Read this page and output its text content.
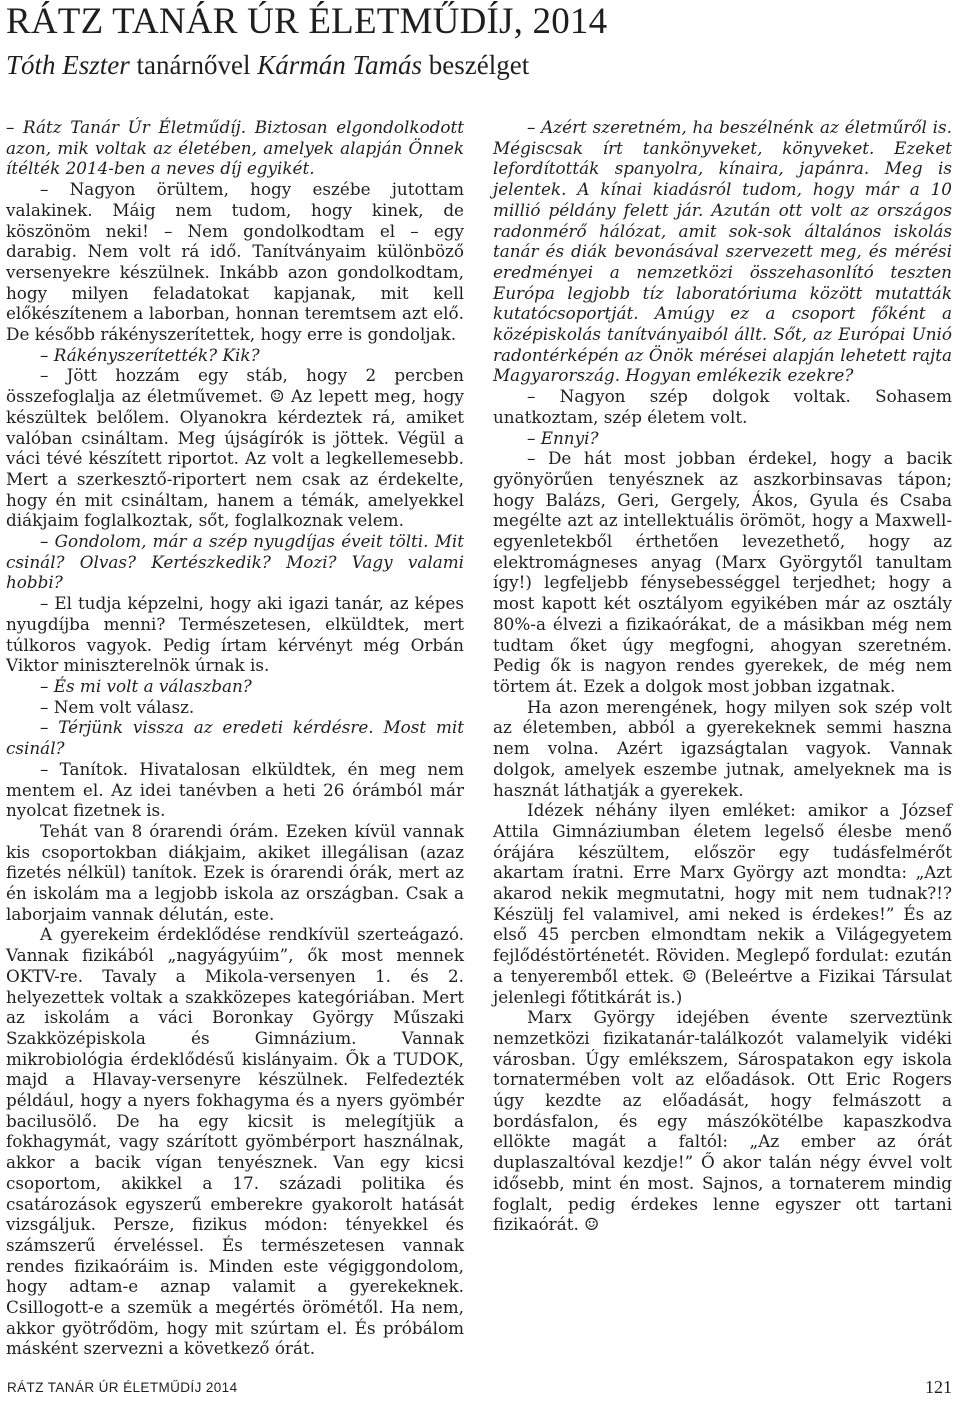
RÁTZ TANÁR ÚR ÉLETMŰDÍJ, 2014

Tóth Eszter tanárnővel Kármán Tamás beszélget

– Rátz Tanár Úr Életműdíj. Biztosan elgondolkodott azon, mik voltak az életében, amelyek alapján Önnek ítélték 2014-ben a neves díj egyikét.

– Nagyon örültem, hogy eszébe jutottam valakinek. Máig nem tudom, hogy kinek, de köszönöm neki! – Nem gondolkodtam el – egy darabig. Nem volt rá idő. Tanítványaim különböző versenyekre készülnek. Inkább azon gondolkodtam, hogy milyen feladatokat kapjanak, mit kell előkészítenem a laborban, honnan teremtsem azt elő. De később rákényszerítettek, hogy erre is gondoljak.

– Rákényszerítették? Kik?

– Jött hozzám egy stáb, hogy 2 percben összefoglalja az életművemet. ☺ Az lepett meg, hogy készültek belőlem. Olyanokra kérdeztek rá, amiket valóban csináltam. Meg újságírók is jöttek. Végül a váci tévé készített riportot. Az volt a legkellemesebb. Mert a szerkesztő-riportert nem csak az érdekelte, hogy én mit csináltam, hanem a témák, amelyekkel diákjaim foglalkoztak, sőt, foglalkoznak velem.

– Gondolom, már a szép nyugdíjas éveit tölti. Mit csinál? Olvas? Kertészkedik? Mozi? Vagy valami hobbi?

– El tudja képzelni, hogy aki igazi tanár, az képes nyugdíjba menni? Természetesen, elküldtek, mert túlkoros vagyok. Pedig írtam kérvényt még Orbán Viktor miniszterelnök úrnak is.

– És mi volt a válaszban?

– Nem volt válasz.

– Térjünk vissza az eredeti kérdésre. Most mit csinál?

– Tanítok. Hivatalosan elküldtek, én meg nem mentem el. Az idei tanévben a heti 26 órámból már nyolcat fizetnek is.

Tehát van 8 órarendi órám. Ezeken kívül vannak kis csoportokban diákjaim, akiket illegálisan (azaz fizetés nélkül) tanítok. Ezek is órarendi órák, mert az én iskolám ma a legjobb iskola az országban. Csak a laborjaim vannak délután, este.

A gyerekeim érdeklődése rendkívül szerteágazó. Vannak fizikából „nagyágyúim”, ők most mennek OKTV-re. Tavaly a Mikola-versenyen 1. és 2. helyezettek voltak a szakközepes kategóriában. Mert az iskolám a váci Boronkay György Műszaki Szakközépiskola és Gimnázium. Vannak mikrobiológia érdeklődésű kislányaim. Ők a TUDOK, majd a Hlavay-versenyre készülnek. Felfedezték például, hogy a nyers fokhagyma és a nyers gyömbér bacilusölő. De ha egy kicsit is melegítjük a fokhagymát, vagy szárított gyömbérport használnak, akkor a bacik vígan tenyésznek. Van egy kicsi csoportom, akikkel a 17. századi politika és csatározások egyszerű emberekre gyakorolt hatását vizsgáljuk. Persze, fizikus módon: tényekkel és számszerű érveléssel. És természetesen vannak rendes fizikaóráim is. Minden este végiggondolom, hogy adtam-e aznap valamit a gyerekeknek. Csillogott-e a szemük a megértés örömétől. Ha nem, akkor gyötrődöm, hogy mit szúrtam el. És próbálom másként szervezni a következő órát.

– Azért szeretném, ha beszélnénk az életműről is. Mégiscsak írt tankönyveket, könyveket. Ezeket lefordították spanyolra, kínaira, japánra. Meg is jelentek. A kínai kiadásról tudom, hogy már a 10 millió példány felett jár. Azután ott volt az országos radonmérő hálózat, amit sok-sok általános iskolás tanár és diák bevonásával szervezett meg, és mérési eredményei a nemzetközi összehasonlító teszten Európa legjobb tíz laboratóriuma között mutatták kutatócsoportját. Amúgy ez a csoport főként a középiskolás tanítványaiból állt. Sőt, az Európai Unió radontérképén az Önök mérései alapján lehetett rajta Magyarország. Hogyan emlékezik ezekre?

– Nagyon szép dolgok voltak. Sohasem unatkoztam, szép életem volt.

– Ennyi?

– De hát most jobban érdekel, hogy a bacik gyönyörűen tenyésznek az aszkorbinsavas tápon; hogy Balázs, Geri, Gergely, Ákos, Gyula és Csaba megélte azt az intellektuális örömöt, hogy a Maxwell-egyenletekből érthetően levezethető, hogy az elektromágneses anyag (Marx Györgytől tanultam így!) legfeljebb fénysebességgel terjedhet; hogy a most kapott két osztályom egyikében már az osztály 80%-a élvezi a fizikaórákat, de a másikban még nem tudtam őket úgy megfogni, ahogyan szeretném. Pedig ők is nagyon rendes gyerekek, de még nem törtem át. Ezek a dolgok most jobban izgatnak.

Ha azon merengének, hogy milyen sok szép volt az életemben, abból a gyerekeknek semmi haszna nem volna. Azért igazságtalan vagyok. Vannak dolgok, amelyek eszembe jutnak, amelyeknek ma is hasznát láthatják a gyerekek.

Idézek néhány ilyen emléket: amikor a József Attila Gimnáziumban életem legelső élesbe menő órájára készültem, először egy tudásfelmérőt akartam íratni. Erre Marx György azt mondta: „Azt akarod nekik megmutatni, hogy mit nem tudnak?!? Készülj fel valamivel, ami neked is érdekes!” És az első 45 percben elmondtam nekik a Világegyetem fejlődéstörténetét. Röviden. Meglepő fordulat: ezután a tenyeremből ettek. ☺ (Beleértve a Fizikai Társulat jelenlegi főtitkárát is.)

Marx György idejében évente szerveztünk nemzetközi fizikatanár-találkozót valamelyik vidéki városban. Úgy emlékszem, Sárospatakon egy iskola tornatermében volt az előadások. Ott Eric Rogers úgy kezdte az előadását, hogy felmászott a bordásfalon, és egy mászókötélbe kapaszkodva ellökte magát a faltól: „Az ember az órát duplaszaltóval kezdje!” Ő akor talán négy évvel volt idősebb, mint én most. Sajnos, a tornaterem mindig foglalt, pedig érdekes lenne egyszer ott tartani fizikaórát. ☺

RÁTZ TANÁR ÚR ÉLETMŰDÍJ 2014	121
